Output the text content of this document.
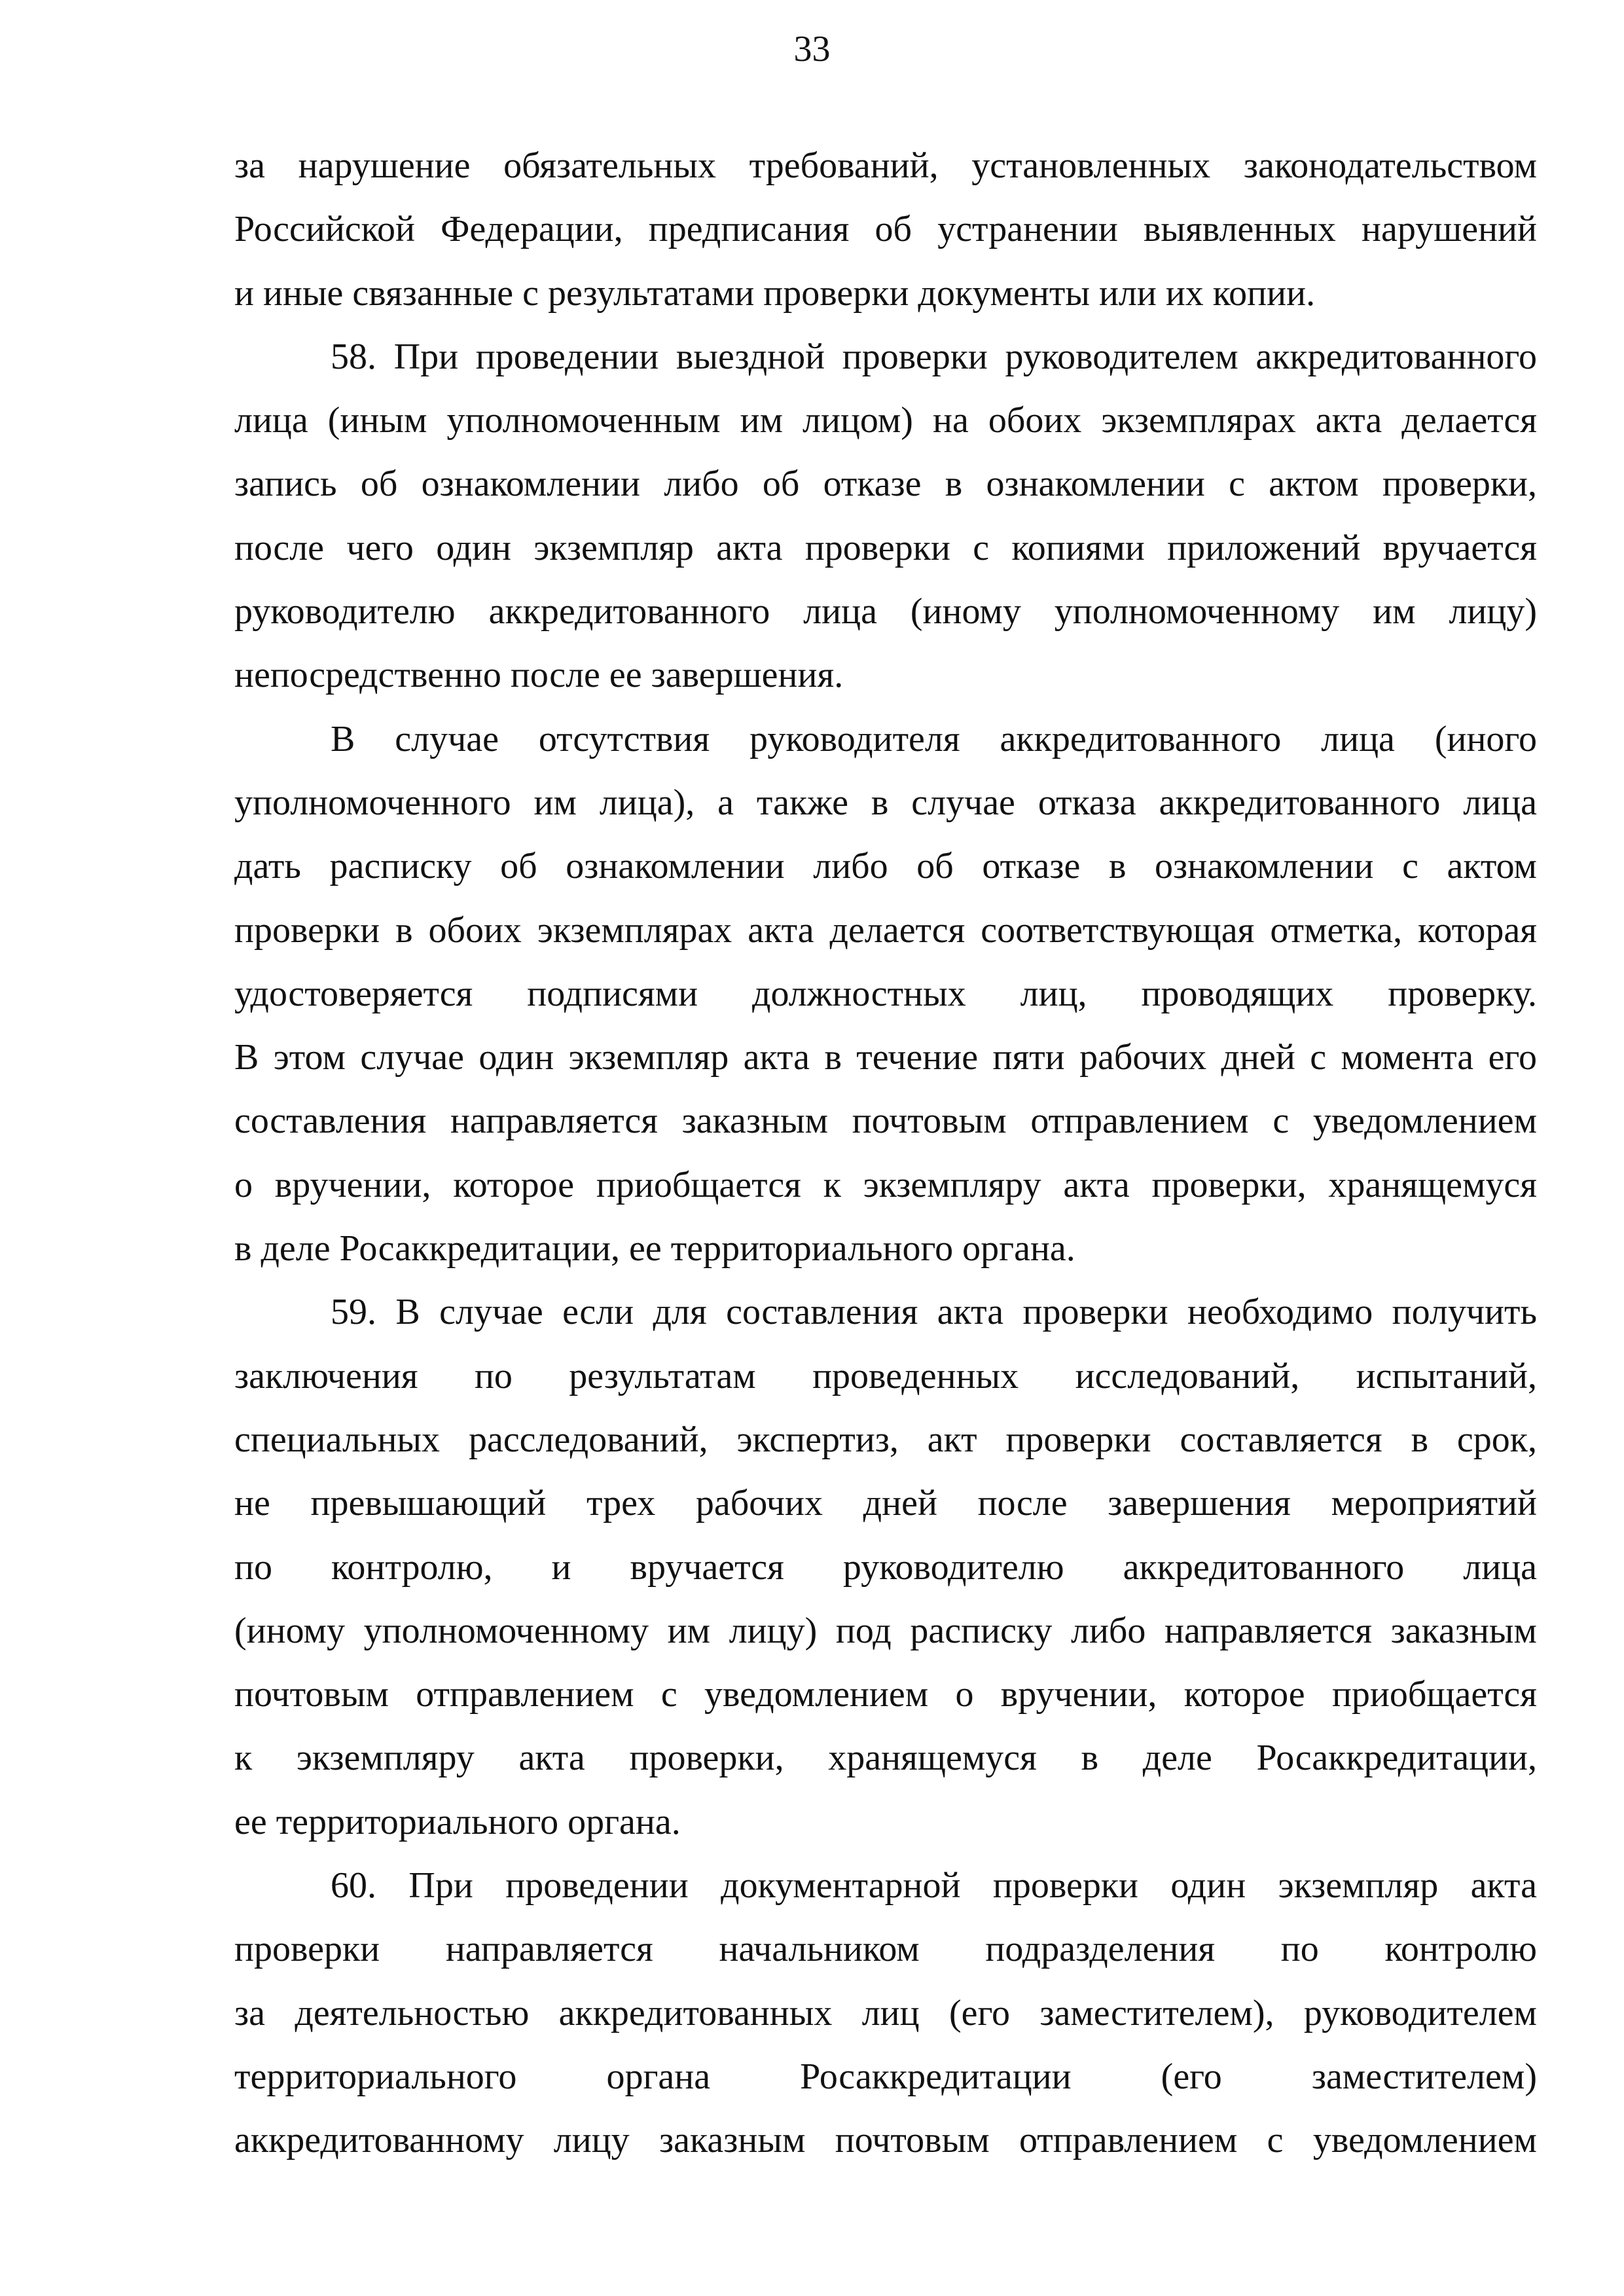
33
за нарушение обязательных требований, установленных законодательством
Российской Федерации, предписания об устранении выявленных нарушений
и иные связанные с результатами проверки документы или их копии.
58. При проведении выездной проверки руководителем аккредитованного
лица (иным уполномоченным им лицом) на обоих экземплярах акта делается
запись об ознакомлении либо об отказе в ознакомлении с актом проверки,
после чего один экземпляр акта проверки с копиями приложений вручается
руководителю аккредитованного лица (иному уполномоченному им лицу)
непосредственно после ее завершения.
В случае отсутствия руководителя аккредитованного лица (иного
уполномоченного им лица), а также в случае отказа аккредитованного лица
дать расписку об ознакомлении либо об отказе в ознакомлении с актом
проверки в обоих экземплярах акта делается соответствующая отметка, которая
удостоверяется подписями должностных лиц, проводящих проверку.
В этом случае один экземпляр акта в течение пяти рабочих дней с момента его
составления направляется заказным почтовым отправлением с уведомлением
о вручении, которое приобщается к экземпляру акта проверки, хранящемуся
в деле Росаккредитации, ее территориального органа.
59. В случае если для составления акта проверки необходимо получить
заключения по результатам проведенных исследований, испытаний,
специальных расследований, экспертиз, акт проверки составляется в срок,
не превышающий трех рабочих дней после завершения мероприятий
по контролю, и вручается руководителю аккредитованного лица
(иному уполномоченному им лицу) под расписку либо направляется заказным
почтовым отправлением с уведомлением о вручении, которое приобщается
к экземпляру акта проверки, хранящемуся в деле Росаккредитации,
ее территориального органа.
60. При проведении документарной проверки один экземпляр акта
проверки направляется начальником подразделения по контролю
за деятельностью аккредитованных лиц (его заместителем), руководителем
территориального органа Росаккредитации (его заместителем)
аккредитованному лицу заказным почтовым отправлением с уведомлением
